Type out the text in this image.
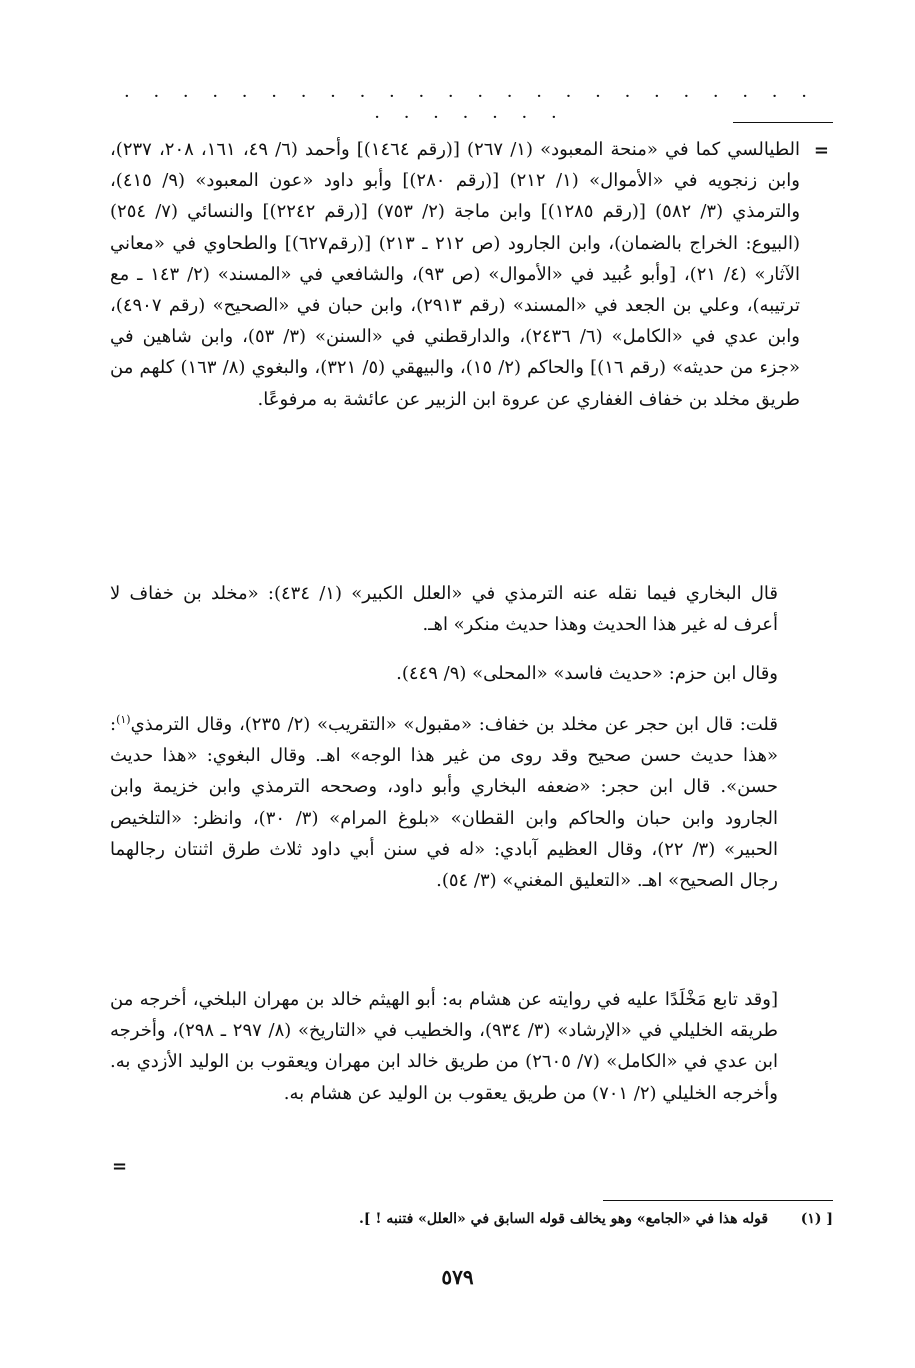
· · · · · · · · · · · · · · · · · · · · · · · · · · · · · · ·
=

الطيالسي كما في «منحة المعبود» (١/ ٢٦٧) [(رقم ١٤٦٤)] وأحمد (٦/ ٤٩، ١٦١، ٢٠٨، ٢٣٧)، وابن زنجويه في «الأموال» (١/ ٢١٢) [(رقم ٢٨٠)] وأبو داود «عون المعبود» (٩/ ٤١٥)، والترمذي (٣/ ٥٨٢) [(رقم ١٢٨٥)] وابن ماجة (٢/ ٧٥٣) [(رقم ٢٢٤٢)] والنسائي (٧/ ٢٥٤) (البيوع: الخراج بالضمان)، وابن الجارود (ص ٢١٢ ـ ٢١٣) [(رقم٦٢٧)] والطحاوي في «معاني الآثار» (٤/ ٢١)، [وأبو عُبيد في «الأموال» (ص ٩٣)، والشافعي في «المسند» (٢/ ١٤٣ ـ مع ترتيبه)، وعلي بن الجعد في «المسند» (رقم ٢٩١٣)، وابن حبان في «الصحيح» (رقم ٤٩٠٧)، وابن عدي في «الكامل» (٦/ ٢٤٣٦)، والدارقطني في «السنن» (٣/ ٥٣)، وابن شاهين في «جزء من حديثه» (رقم ١٦)] والحاكم (٢/ ١٥)، والبيهقي (٥/ ٣٢١)، والبغوي (٨/ ١٦٣) كلهم من طريق مخلد بن خفاف الغفاري عن عروة ابن الزبير عن عائشة به مرفوعًا.

قال البخاري فيما نقله عنه الترمذي في «العلل الكبير» (١/ ٤٣٤): «مخلد بن خفاف لا أعرف له غير هذا الحديث وهذا حديث منكر» اهـ.

وقال ابن حزم: «حديث فاسد» «المحلى» (٩/ ٤٤٩).

قلت: قال ابن حجر عن مخلد بن خفاف: «مقبول» «التقريب» (٢/ ٢٣٥)، وقال الترمذي$^{(١)}$: «هذا حديث حسن صحيح وقد روى من غير هذا الوجه» اهـ. وقال البغوي: «هذا حديث حسن». قال ابن حجر: «ضعفه البخاري وأبو داود، وصححه الترمذي وابن خزيمة وابن الجارود وابن حبان والحاكم وابن القطان» «بلوغ المرام» (٣/ ٣٠)، وانظر: «التلخيص الحبير» (٣/ ٢٢)، وقال العظيم آبادي: «له في سنن أبي داود ثلاث طرق اثنتان رجالهما رجال الصحيح» اهـ. «التعليق المغني» (٣/ ٥٤).

[وقد تابع مَخْلَدًا عليه في روايته عن هشام به: أبو الهيثم خالد بن مهران البلخي، أخرجه من طريقه الخليلي في «الإرشاد» (٣/ ٩٣٤)، والخطيب في «التاريخ» (٨/ ٢٩٧ ـ ٢٩٨)، وأخرجه ابن عدي في «الكامل» (٧/ ٢٦٠٥) من طريق خالد ابن مهران ويعقوب بن الوليد الأزدي به. وأخرجه الخليلي (٢/ ٧٠١) من طريق يعقوب بن الوليد عن هشام به.

=
[ (١) قوله هذا في «الجامع» وهو يخالف قوله السابق في «العلل» فتنبه ! ].
٥٧٩
